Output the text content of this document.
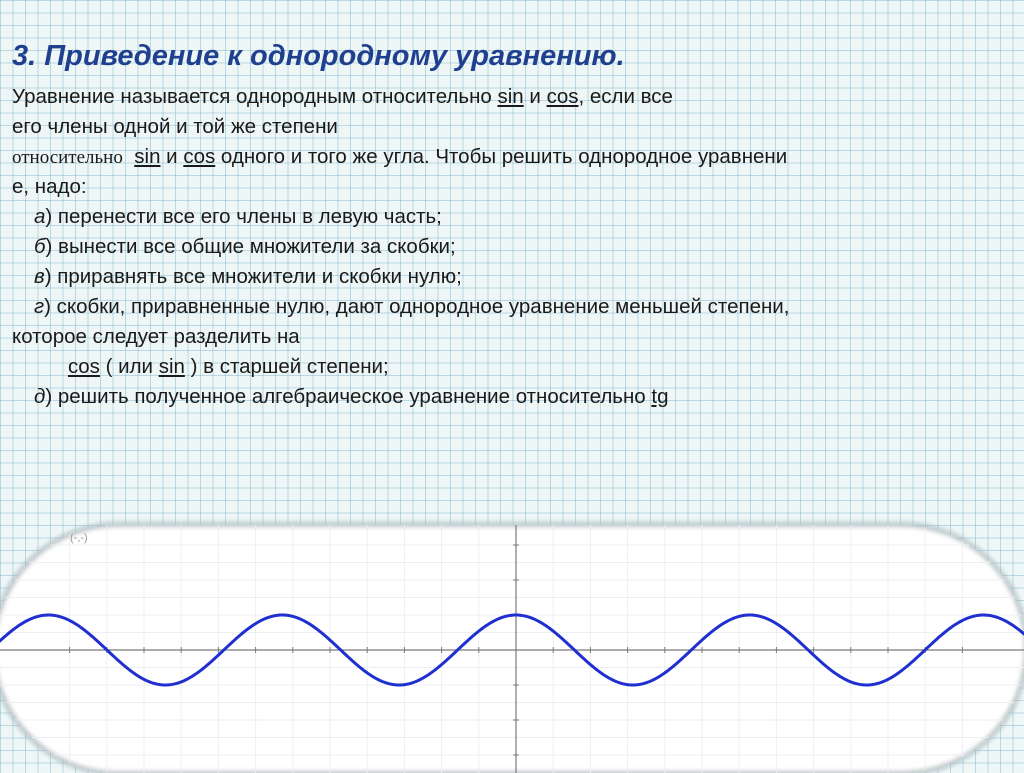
3. Приведение к однородному уравнению.
Уравнение называется однородным относительно sin и cos, если все
его члены одной и той же степени
относительно sin и cos одного и того же угла. Чтобы решить однородное уравнени
е, надо:
а) перенести все его члены в левую часть;
б) вынести все общие множители за скобки;
в) приравнять все множители и скобки нулю;
г) скобки, приравненные нулю, дают однородное уравнение меньшей степени,
которое следует разделить на
cos ( или sin ) в старшей степени;
д) решить полученное алгебраическое уравнение относительно tg
(-,-)
